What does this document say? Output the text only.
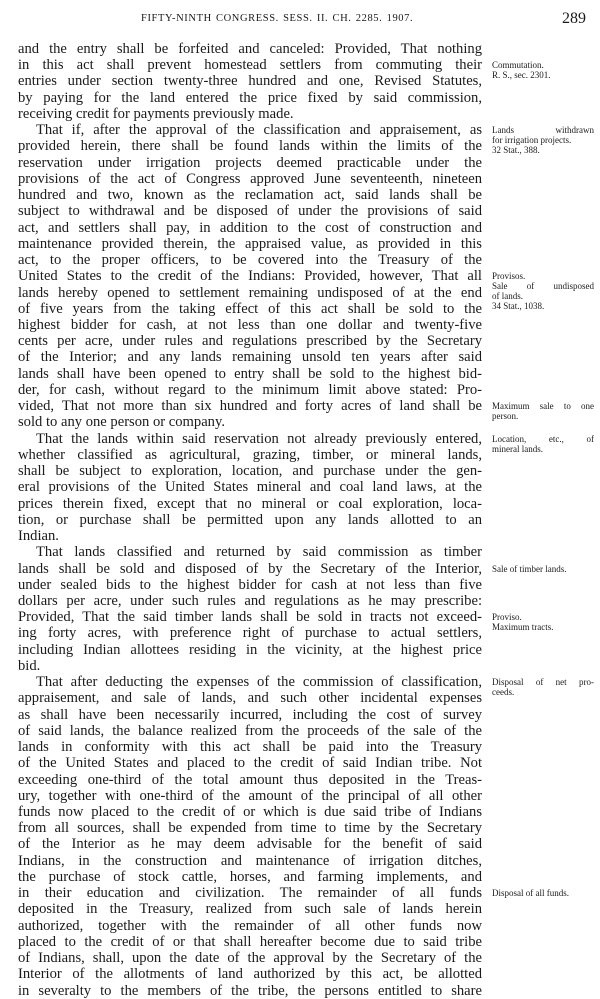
FIFTY-NINTH CONGRESS. SESS. II. CH. 2285. 1907.	289
and the entry shall be forfeited and canceled: Provided, That nothing
in this act shall prevent homestead settlers from commuting their
entries under section twenty-three hundred and one, Revised Statutes,
by paying for the land entered the price fixed by said commission,
receiving credit for payments previously made.
That if, after the approval of the classification and appraisement, as
provided herein, there shall be found lands within the limits of the
reservation under irrigation projects deemed practicable under the
provisions of the act of Congress approved June seventeenth, nineteen
hundred and two, known as the reclamation act, said lands shall be
subject to withdrawal and be disposed of under the provisions of said
act, and settlers shall pay, in addition to the cost of construction and
maintenance provided therein, the appraised value, as provided in this
act, to the proper officers, to be covered into the Treasury of the
United States to the credit of the Indians: Provided, however, That all
lands hereby opened to settlement remaining undisposed of at the end
of five years from the taking effect of this act shall be sold to the
highest bidder for cash, at not less than one dollar and twenty-five
cents per acre, under rules and regulations prescribed by the Secretary
of the Interior; and any lands remaining unsold ten years after said
lands shall have been opened to entry shall be sold to the highest bid-
der, for cash, without regard to the minimum limit above stated: Pro-
vided, That not more than six hundred and forty acres of land shall be
sold to any one person or company.
That the lands within said reservation not already previously entered,
whether classified as agricultural, grazing, timber, or mineral lands,
shall be subject to exploration, location, and purchase under the gen-
eral provisions of the United States mineral and coal land laws, at the
prices therein fixed, except that no mineral or coal exploration, loca-
tion, or purchase shall be permitted upon any lands allotted to an
Indian.
That lands classified and returned by said commission as timber
lands shall be sold and disposed of by the Secretary of the Interior,
under sealed bids to the highest bidder for cash at not less than five
dollars per acre, under such rules and regulations as he may prescribe:
Provided, That the said timber lands shall be sold in tracts not exceed-
ing forty acres, with preference right of purchase to actual settlers,
including Indian allottees residing in the vicinity, at the highest price
bid.
That after deducting the expenses of the commission of classification,
appraisement, and sale of lands, and such other incidental expenses
as shall have been necessarily incurred, including the cost of survey
of said lands, the balance realized from the proceeds of the sale of the
lands in conformity with this act shall be paid into the Treasury
of the United States and placed to the credit of said Indian tribe. Not
exceeding one-third of the total amount thus deposited in the Treas-
ury, together with one-third of the amount of the principal of all other
funds now placed to the credit of or which is due said tribe of Indians
from all sources, shall be expended from time to time by the Secretary
of the Interior as he may deem advisable for the benefit of said
Indians, in the construction and maintenance of irrigation ditches,
the purchase of stock cattle, horses, and farming implements, and
in their education and civilization. The remainder of all funds
deposited in the Treasury, realized from such sale of lands herein
authorized, together with the remainder of all other funds now
placed to the credit of or that shall hereafter become due to said tribe
of Indians, shall, upon the date of the approval by the Secretary of the
Interior of the allotments of land authorized by this act, be allotted
in severalty to the members of the tribe, the persons entitled to share
Commutation.
R. S., sec. 2301.
Lands withdrawn
for irrigation projects.
32 Stat., 388.
Provisos.
Sale of undisposed
of lands.
34 Stat., 1038.
Maximum sale to one
person.
Location, etc., of
mineral lands.
Sale of timber lands.
Proviso.
Maximum tracts.
Disposal of net pro-
ceeds.
Disposal of all funds.
